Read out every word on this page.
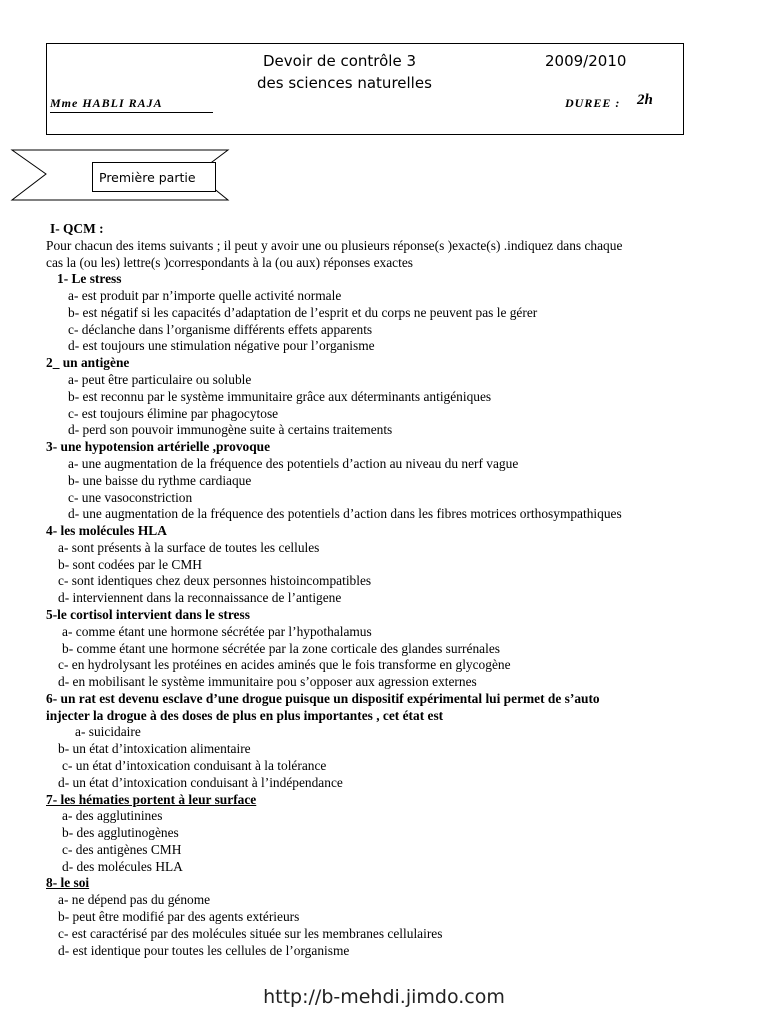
Devoir de contrôle 3
des sciences naturelles
2009/2010
Mme HABLI RAJA	DUREE : 2h
Première partie
I- QCM :
Pour chacun des items suivants ; il peut y avoir une ou plusieurs réponse(s )exacte(s) .indiquez dans chaque
cas la (ou les) lettre(s )correspondants à la (ou aux) réponses exactes
1- Le stress
a- est produit par n’importe quelle activité normale
b- est négatif si les capacités d’adaptation de l’esprit et du corps ne peuvent pas le gérer
c- déclanche dans l’organisme différents effets apparents
d- est toujours une stimulation négative pour l’organisme
2_ un antigène
a- peut être particulaire ou soluble
b- est reconnu par le système immunitaire grâce aux déterminants antigéniques
c- est toujours élimine par phagocytose
d- perd son pouvoir immunogène suite à certains traitements
3- une hypotension artérielle ,provoque
a- une augmentation de la fréquence des potentiels d’action au niveau du nerf vague
b- une baisse du rythme cardiaque
c- une vasoconstriction
d- une augmentation de la fréquence des potentiels d’action dans les fibres motrices orthosympathiques
4- les molécules HLA
a- sont présents à la surface de toutes les cellules
b- sont codées par le CMH
c- sont identiques chez deux personnes histoincompatibles
d- interviennent dans la reconnaissance de l’antigene
5-le cortisol intervient dans le stress
a- comme étant une hormone sécrétée par l’hypothalamus
b- comme étant une hormone sécrétée par la zone corticale des glandes surrénales
c- en hydrolysant les protéines en acides aminés que le fois transforme en glycogène
d- en mobilisant le système immunitaire pou s’opposer aux agression externes
6- un rat est devenu esclave d’une drogue puisque un dispositif expérimental lui permet de s’auto
injecter la drogue à des doses de plus en plus importantes , cet état est
a- suicidaire
b- un état d’intoxication alimentaire
c- un état d’intoxication conduisant à la tolérance
d- un état d’intoxication conduisant à l’indépendance
7- les hématies portent à leur surface
a- des agglutinines
b- des agglutinogènes
c- des antigènes CMH
d- des molécules HLA
8- le soi
a- ne dépend pas du génome
b- peut être modifié par des agents extérieurs
c- est caractérisé par des molécules située sur les membranes cellulaires
d- est identique pour toutes les cellules de l’organisme
http://b-mehdi.jimdo.com
